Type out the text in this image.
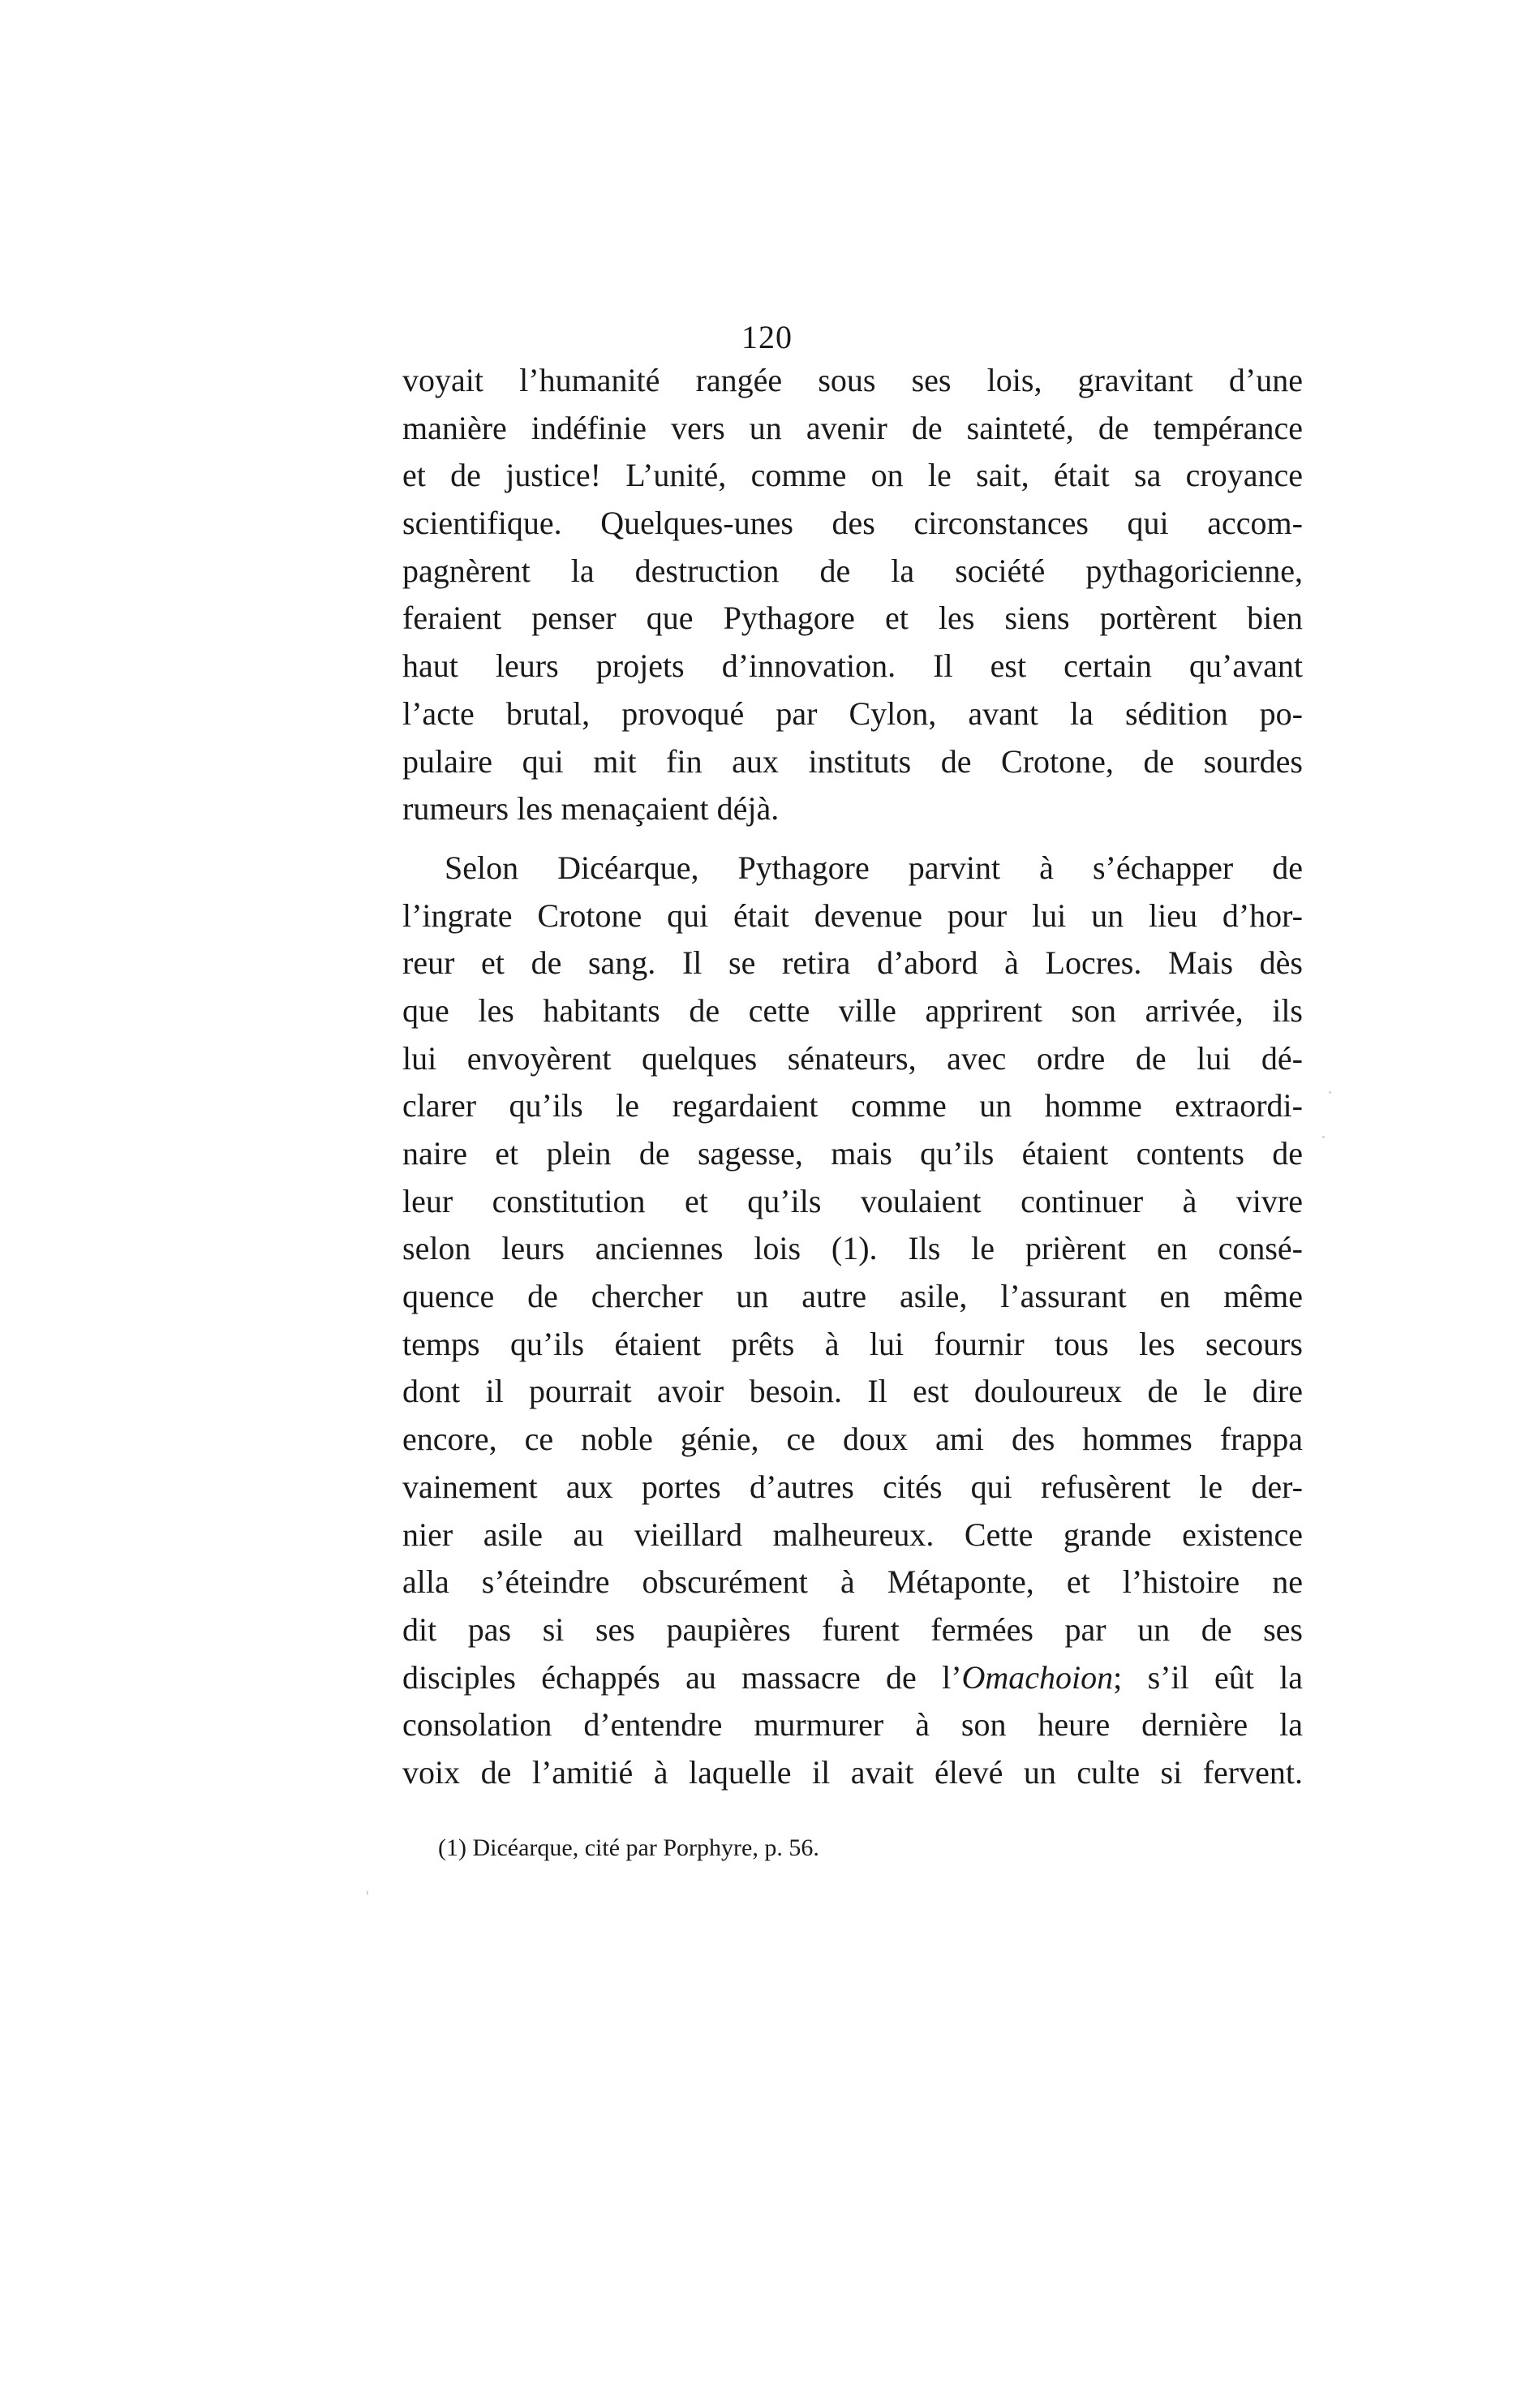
120
voyait l’humanité rangée sous ses lois, gravitant d’une
manière indéfinie vers un avenir de sainteté, de tempérance
et de justice! L’unité, comme on le sait, était sa croyance
scientifique. Quelques-unes des circonstances qui accom-
pagnèrent la destruction de la société pythagoricienne,
feraient penser que Pythagore et les siens portèrent bien
haut leurs projets d’innovation. Il est certain qu’avant
l’acte brutal, provoqué par Cylon, avant la sédition po-
pulaire qui mit fin aux instituts de Crotone, de sourdes
rumeurs les menaçaient déjà.
Selon Dicéarque, Pythagore parvint à s’échapper de
l’ingrate Crotone qui était devenue pour lui un lieu d’hor-
reur et de sang. Il se retira d’abord à Locres. Mais dès
que les habitants de cette ville apprirent son arrivée, ils
lui envoyèrent quelques sénateurs, avec ordre de lui dé-
clarer qu’ils le regardaient comme un homme extraordi-
naire et plein de sagesse, mais qu’ils étaient contents de
leur constitution et qu’ils voulaient continuer à vivre
selon leurs anciennes lois (1). Ils le prièrent en consé-
quence de chercher un autre asile, l’assurant en même
temps qu’ils étaient prêts à lui fournir tous les secours
dont il pourrait avoir besoin. Il est douloureux de le dire
encore, ce noble génie, ce doux ami des hommes frappa
vainement aux portes d’autres cités qui refusèrent le der-
nier asile au vieillard malheureux. Cette grande existence
alla s’éteindre obscurément à Métaponte, et l’histoire ne
dit pas si ses paupières furent fermées par un de ses
disciples échappés au massacre de l’Omachoion; s’il eût la
consolation d’entendre murmurer à son heure dernière la
voix de l’amitié à laquelle il avait élevé un culte si fervent.
(1) Dicéarque, cité par Porphyre, p. 56.
